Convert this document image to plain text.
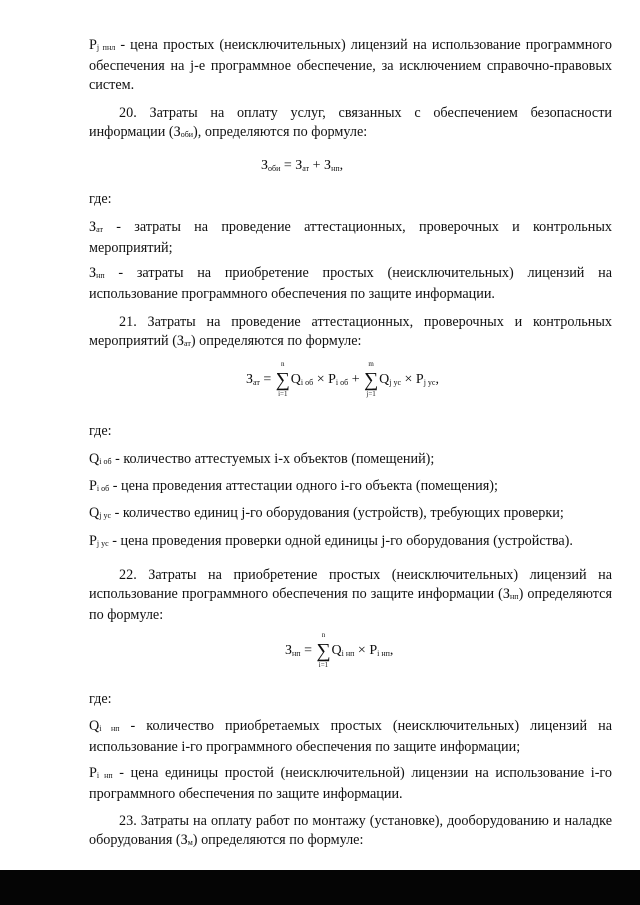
Pj пнл - цена простых (неисключительных) лицензий на использование программного обеспечения на j-е программное обеспечение, за исключением справочно-правовых систем.

20. Затраты на оплату услуг, связанных с обеспечением безопасности информации (Зоби), определяются по формуле:

Зоби = Зат + Знп,

где:

Зат - затраты на проведение аттестационных, проверочных и контрольных мероприятий;

Знп - затраты на приобретение простых (неисключительных) лицензий на использование программного обеспечения по защите информации.

21. Затраты на проведение аттестационных, проверочных и контрольных мероприятий (Зат) определяются по формуле:

Зат =
n
∑
i=1
Qi об × Pi об +
m
∑
j=1
Qj ус × Pj ус,

где:

Qi об - количество аттестуемых i-х объектов (помещений);

Pi об - цена проведения аттестации одного i-го объекта (помещения);

Qj ус - количество единиц j-го оборудования (устройств), требующих проверки;

Pj ус - цена проведения проверки одной единицы j-го оборудования (устройства).

22. Затраты на приобретение простых (неисключительных) лицензий на использование программного обеспечения по защите информации (Знп) определяются по формуле:

Знп =
n
∑
i=1
Qi нп × Pi нп,

где:

Qi нп - количество приобретаемых простых (неисключительных) лицензий на использование i-го программного обеспечения по защите информации;

Pi нп - цена единицы простой (неисключительной) лицензии на использование i-го программного обеспечения по защите информации.

23. Затраты на оплату работ по монтажу (установке), дооборудованию и наладке оборудования (Зм) определяются по формуле:
